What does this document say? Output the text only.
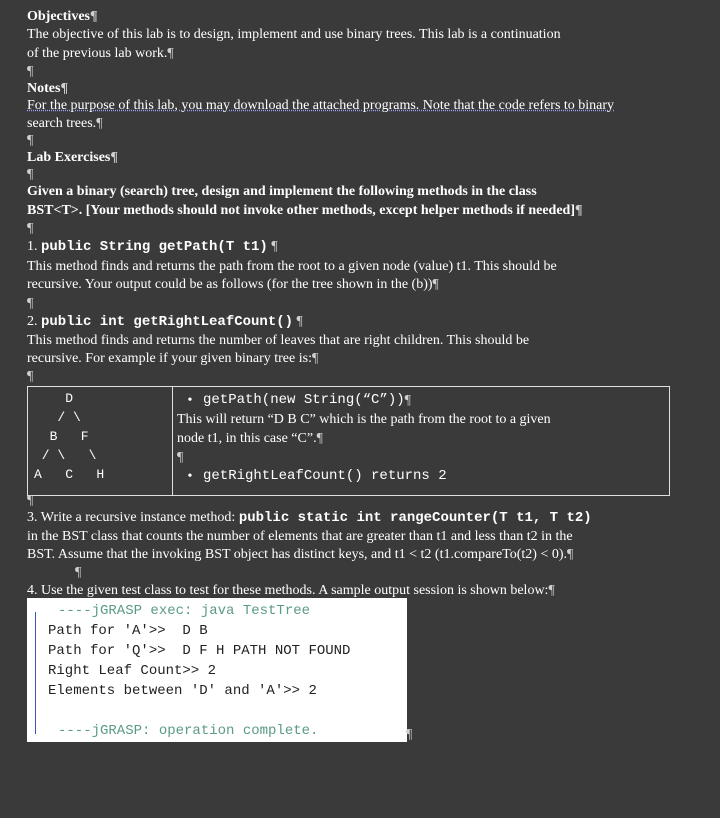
Objectives¶
The objective of this lab is to design, implement and use binary trees. This lab is a continuation
of the previous lab work.¶
¶
Notes¶
For the purpose of this lab, you may download the attached programs. Note that the code refers to binary
search trees.¶
¶
Lab Exercises¶
¶
Given a binary (search) tree, design and implement the following methods in the class
BST<T>. [Your methods should not invoke other methods, except helper methods if needed]¶
¶
1. public String getPath(T t1) ¶
This method finds and returns the path from the root to a given node (value) t1. This should be
recursive. Your output could be as follows (for the tree shown in the (b))¶
¶
2. public int getRightLeafCount() ¶
This method finds and returns the number of leaves that are right children. This should be
recursive. For example if your given binary tree is:¶
¶
D
/ \
B   F
/ \   \
A   C   H

• getPath(new String(“C”)) ¶
This will return “D B C” which is the path from the root to a given
node t1, in this case “C”.¶
¶
• getRightLeafCount() returns 2
¶
3. Write a recursive instance method: public static int rangeCounter(T t1, T t2)
in the BST class that counts the number of elements that are greater than t1 and less than t2 in the
BST. Assume that the invoking BST object has distinct keys, and t1 < t2 (t1.compareTo(t2) < 0).¶
¶
4. Use the given test class to test for these methods. A sample output session is shown below:¶
----jGRASP exec: java TestTree
Path for 'A'>>  D B
Path for 'Q'>>  D F H PATH NOT FOUND
Right Leaf Count>> 2
Elements between 'D' and 'A'>> 2
----jGRASP: operation complete.	¶
